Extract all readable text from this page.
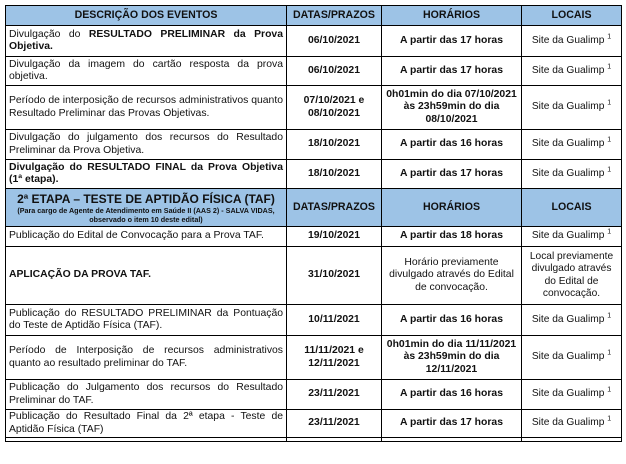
DESCRIÇÃO DOS EVENTOS	DATAS/PRAZOS	HORÁRIOS	LOCAIS
Divulgação do RESULTADO PRELIMINAR da Prova Objetiva.	06/10/2021	A partir das 17 horas	Site da Gualimp $^1$
Divulgação da imagem do cartão resposta da prova objetiva.	06/10/2021	A partir das 17 horas	Site da Gualimp $^1$
Período de interposição de recursos administrativos quanto Resultado Preliminar das Provas Objetivas.	07/10/2021 e 08/10/2021	0h01min do dia 07/10/2021 às 23h59min do dia 08/10/2021	Site da Gualimp $^1$
Divulgação do julgamento dos recursos do Resultado Preliminar da Prova Objetiva.	18/10/2021	A partir das 16 horas	Site da Gualimp $^1$
Divulgação do RESULTADO FINAL da Prova Objetiva (1ª etapa).	18/10/2021	A partir das 17 horas	Site da Gualimp $^1$

2ª ETAPA – TESTE DE APTIDÃO FÍSICA (TAF)
(Para cargo de Agente de Atendimento em Saúde II (AAS 2) - SALVA VIDAS, observado o item 10 deste edital)	DATAS/PRAZOS	HORÁRIOS	LOCAIS
Publicação do Edital de Convocação para a Prova TAF.	19/10/2021	A partir das 18 horas	Site da Gualimp $^1$
APLICAÇÃO DA PROVA TAF.	31/10/2021	Horário previamente divulgado através do Edital de convocação.	Local previamente divulgado através do Edital de convocação.
Publicação do RESULTADO PRELIMINAR da Pontuação do Teste de Aptidão Física (TAF).	10/11/2021	A partir das 16 horas	Site da Gualimp $^1$
Período de Interposição de recursos administrativos quanto ao resultado preliminar do TAF.	11/11/2021 e 12/11/2021	0h01min do dia 11/11/2021 às 23h59min do dia 12/11/2021	Site da Gualimp $^1$
Publicação do Julgamento dos recursos do Resultado Preliminar do TAF.	23/11/2021	A partir das 16 horas	Site da Gualimp $^1$
Publicação do Resultado Final da 2ª etapa - Teste de Aptidão Física (TAF)	23/11/2021	A partir das 17 horas	Site da Gualimp $^1$
